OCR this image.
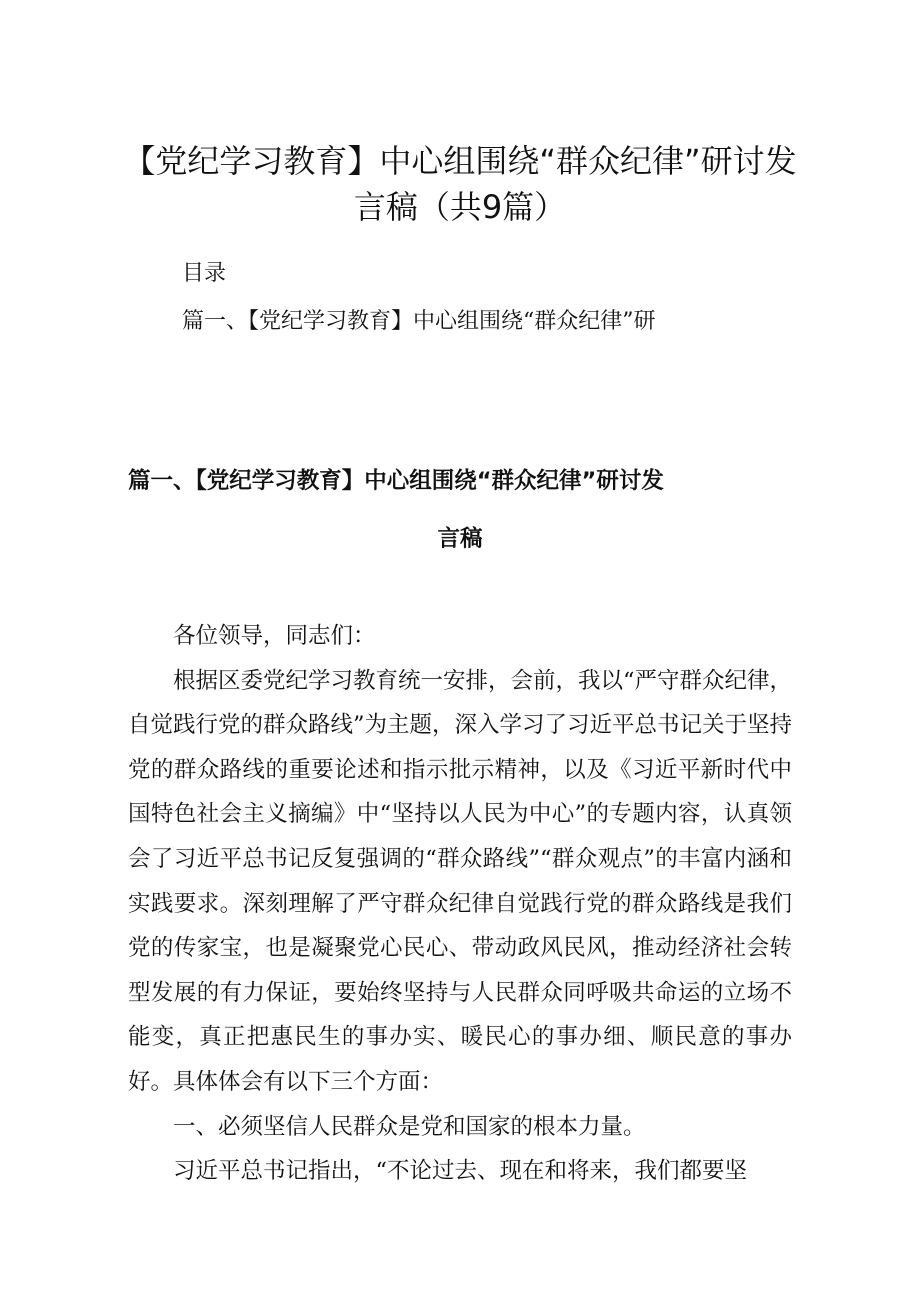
【党纪学习教育】中心组围绕“群众纪律”研讨发言稿（共9篇）
目录
篇一、【党纪学习教育】中心组围绕“群众纪律”研
篇一、【党纪学习教育】中心组围绕“群众纪律”研讨发
言稿

各位领导，同志们：

根据区委党纪学习教育统一安排，会前，我以“严守群众纪律，自觉践行党的群众路线”为主题，深入学习了习近平总书记关于坚持党的群众路线的重要论述和指示批示精神，以及《习近平新时代中国特色社会主义摘编》中“坚持以人民为中心”的专题内容，认真领会了习近平总书记反复强调的“群众路线”“群众观点”的丰富内涵和实践要求。深刻理解了严守群众纪律自觉践行党的群众路线是我们党的传家宝，也是凝聚党心民心、带动政风民风，推动经济社会转型发展的有力保证，要始终坚持与人民群众同呼吸共命运的立场不能变，真正把惠民生的事办实、暖民心的事办细、顺民意的事办好。具体体会有以下三个方面：

一、必须坚信人民群众是党和国家的根本力量。

习近平总书记指出，“不论过去、现在和将来，我们都要坚
